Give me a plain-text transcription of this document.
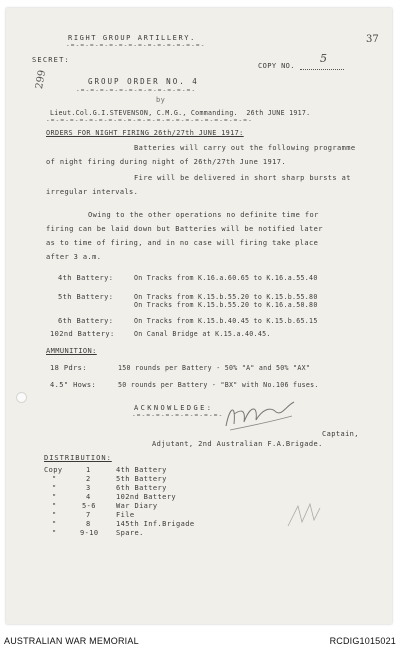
RIGHT GROUP ARTILLERY.
-=-=-=-=-=-=-=-=-=-=-=-=-=-=-
37
SECRET:
COPY NO.
5
299	GROUP ORDER NO. 4
-=-=-=-=-=-=-=-=-=-=-=-=-
by
Lieut.Col.G.I.STEVENSON, C.M.G., Commanding.  26th JUNE 1917.
-=-=-=-=-=-=-=-=-=-=-=-=-=-=-=-=-=-=-=-=-=-
ORDERS FOR NIGHT FIRING 26th/27th JUNE 1917:
Batteries will carry out the following programme
of night firing during night of 26th/27th June 1917.
Fire will be delivered in short sharp bursts at
irregular intervals.
Owing to the other operations no definite time for
firing can be laid down but Batteries will be notified later
as to time of firing, and in no case will firing take place
after 3 a.m.
4th Battery:	On Tracks from K.16.a.60.65 to K.16.a.55.40
5th Battery:	On Tracks from K.15.b.55.20 to K.15.b.55.80
On Tracks from K.15.b.55.20 to K.16.a.50.80
6th Battery:	On Tracks from K.15.b.40.45 to K.15.b.65.15
102nd Battery:	On Canal Bridge at K.15.a.40.45.
AMMUNITION:
18 Pdrs:	150 rounds per Battery - 50% "A" and 50% "AX"
4.5" Hows:	50 rounds per Battery - "BX" with No.106 fuses.
ACKNOWLEDGE:
-=-=-=-=-=-=-=-=-=-
Captain,
Adjutant, 2nd Australian F.A.Brigade.
DISTRIBUTION:
Copy	1	4th Battery
"	2	5th Battery
"	3	6th Battery
"	4	102nd Battery
"	5-6	War Diary
"	7	File
"	8	145th Inf.Brigade
"	9-10	Spare.
AUSTRALIAN WAR MEMORIAL	RCDIG1015021
